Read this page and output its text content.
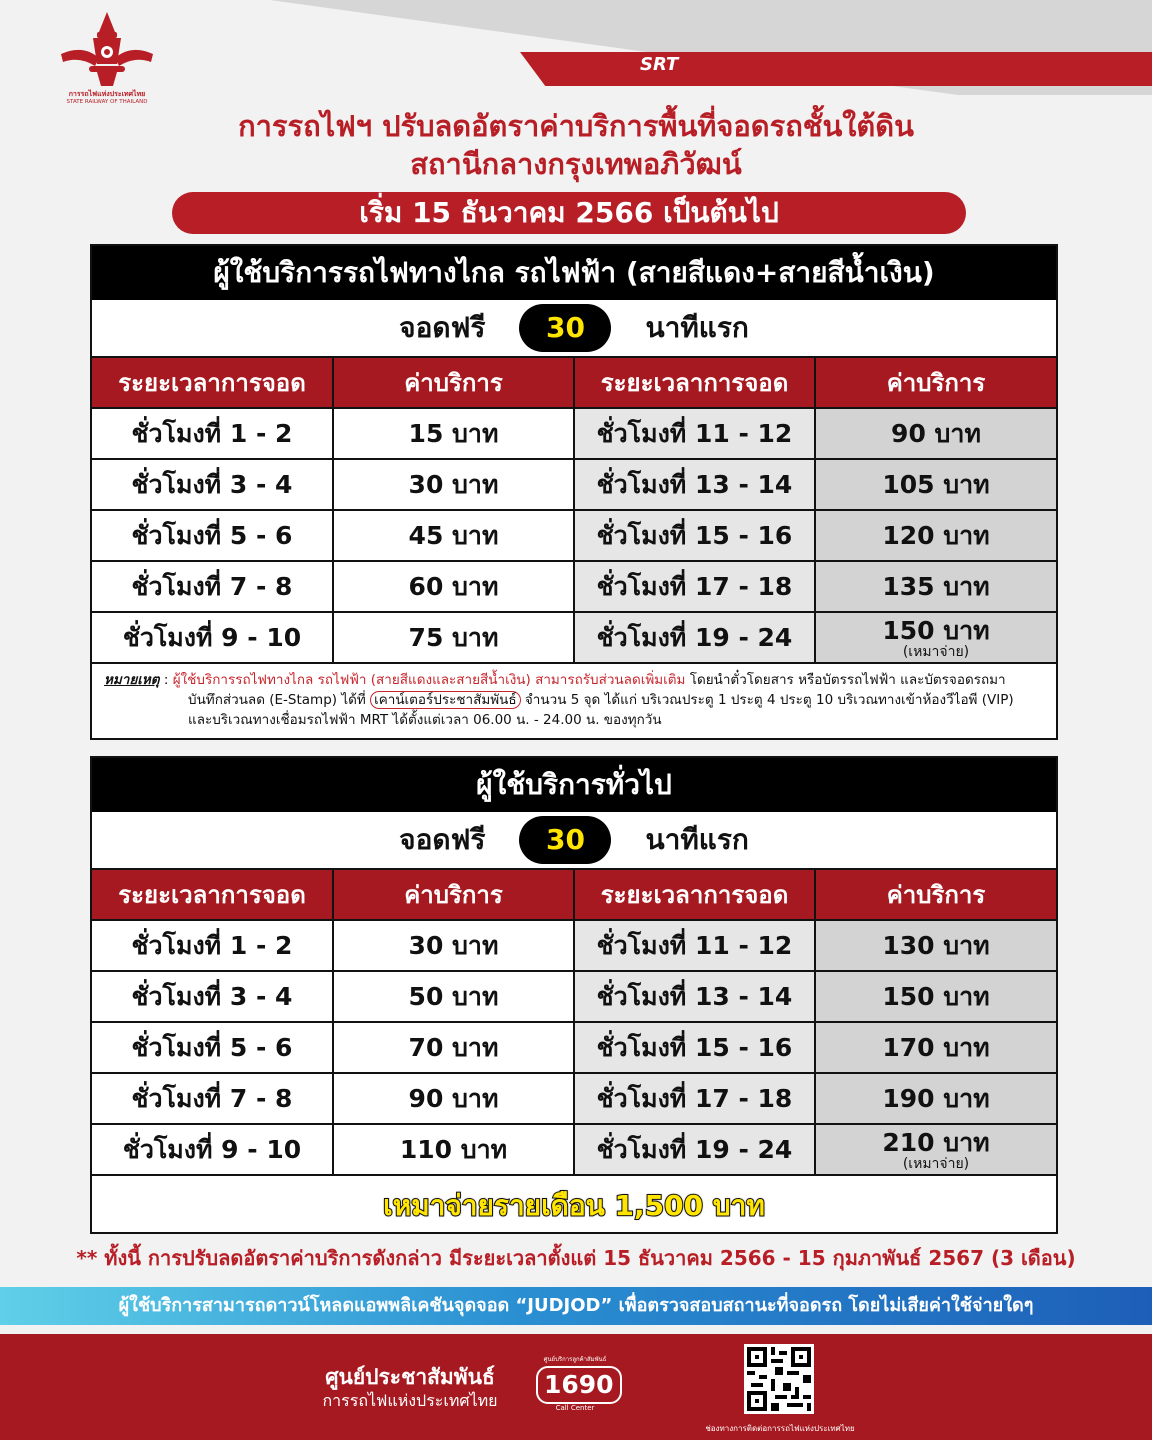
SRT
การรถไฟแห่งประเทศไทย
STATE RAILWAY OF THAILAND
การรถไฟฯ ปรับลดอัตราค่าบริการพื้นที่จอดรถชั้นใต้ดิน
สถานีกลางกรุงเทพอภิวัฒน์
เริ่ม 15 ธันวาคม 2566 เป็นต้นไป
ผู้ใช้บริการรถไฟทางไกล รถไฟฟ้า (สายสีแดง+สายสีน้ำเงิน)
จอดฟรี	30	นาทีแรก
ระยะเวลาการจอด	ค่าบริการ	ระยะเวลาการจอด	ค่าบริการ
ชั่วโมงที่ 1 - 2	15 บาท	ชั่วโมงที่ 11 - 12	90 บาท
ชั่วโมงที่ 3 - 4	30 บาท	ชั่วโมงที่ 13 - 14	105 บาท
ชั่วโมงที่ 5 - 6	45 บาท	ชั่วโมงที่ 15 - 16	120 บาท
ชั่วโมงที่ 7 - 8	60 บาท	ชั่วโมงที่ 17 - 18	135 บาท
ชั่วโมงที่ 9 - 10	75 บาท	ชั่วโมงที่ 19 - 24	150 บาท
(เหมาจ่าย)
หมายเหตุ : ผู้ใช้บริการรถไฟทางไกล รถไฟฟ้า (สายสีแดงและสายสีน้ำเงิน) สามารถรับส่วนลดเพิ่มเติม โดยนำตั๋วโดยสาร หรือบัตรรถไฟฟ้า และบัตรจอดรถมา
บันทึกส่วนลด (E-Stamp) ได้ที่ เคาน์เตอร์ประชาสัมพันธ์ จำนวน 5 จุด ได้แก่ บริเวณประตู 1 ประตู 4 ประตู 10 บริเวณทางเข้าห้องวีไอพี (VIP)
และบริเวณทางเชื่อมรถไฟฟ้า MRT ได้ตั้งแต่เวลา 06.00 น. - 24.00 น. ของทุกวัน
ผู้ใช้บริการทั่วไป
จอดฟรี	30	นาทีแรก
ระยะเวลาการจอด	ค่าบริการ	ระยะเวลาการจอด	ค่าบริการ
ชั่วโมงที่ 1 - 2	30 บาท	ชั่วโมงที่ 11 - 12	130 บาท
ชั่วโมงที่ 3 - 4	50 บาท	ชั่วโมงที่ 13 - 14	150 บาท
ชั่วโมงที่ 5 - 6	70 บาท	ชั่วโมงที่ 15 - 16	170 บาท
ชั่วโมงที่ 7 - 8	90 บาท	ชั่วโมงที่ 17 - 18	190 บาท
ชั่วโมงที่ 9 - 10	110 บาท	ชั่วโมงที่ 19 - 24	210 บาท
(เหมาจ่าย)
เหมาจ่ายรายเดือน 1,500 บาท
** ทั้งนี้ การปรับลดอัตราค่าบริการดังกล่าว มีระยะเวลาตั้งแต่ 15 ธันวาคม 2566 - 15 กุมภาพันธ์ 2567 (3 เดือน)
ผู้ใช้บริการสามารถดาวน์โหลดแอพพลิเคชันจุดจอด “JUDJOD” เพื่อตรวจสอบสถานะที่จอดรถ โดยไม่เสียค่าใช้จ่ายใดๆ
ศูนย์ประชาสัมพันธ์
การรถไฟแห่งประเทศไทย
ศูนย์บริการลูกค้าสัมพันธ์
1690
Call Center
ช่องทางการติดต่อการรถไฟแห่งประเทศไทย
